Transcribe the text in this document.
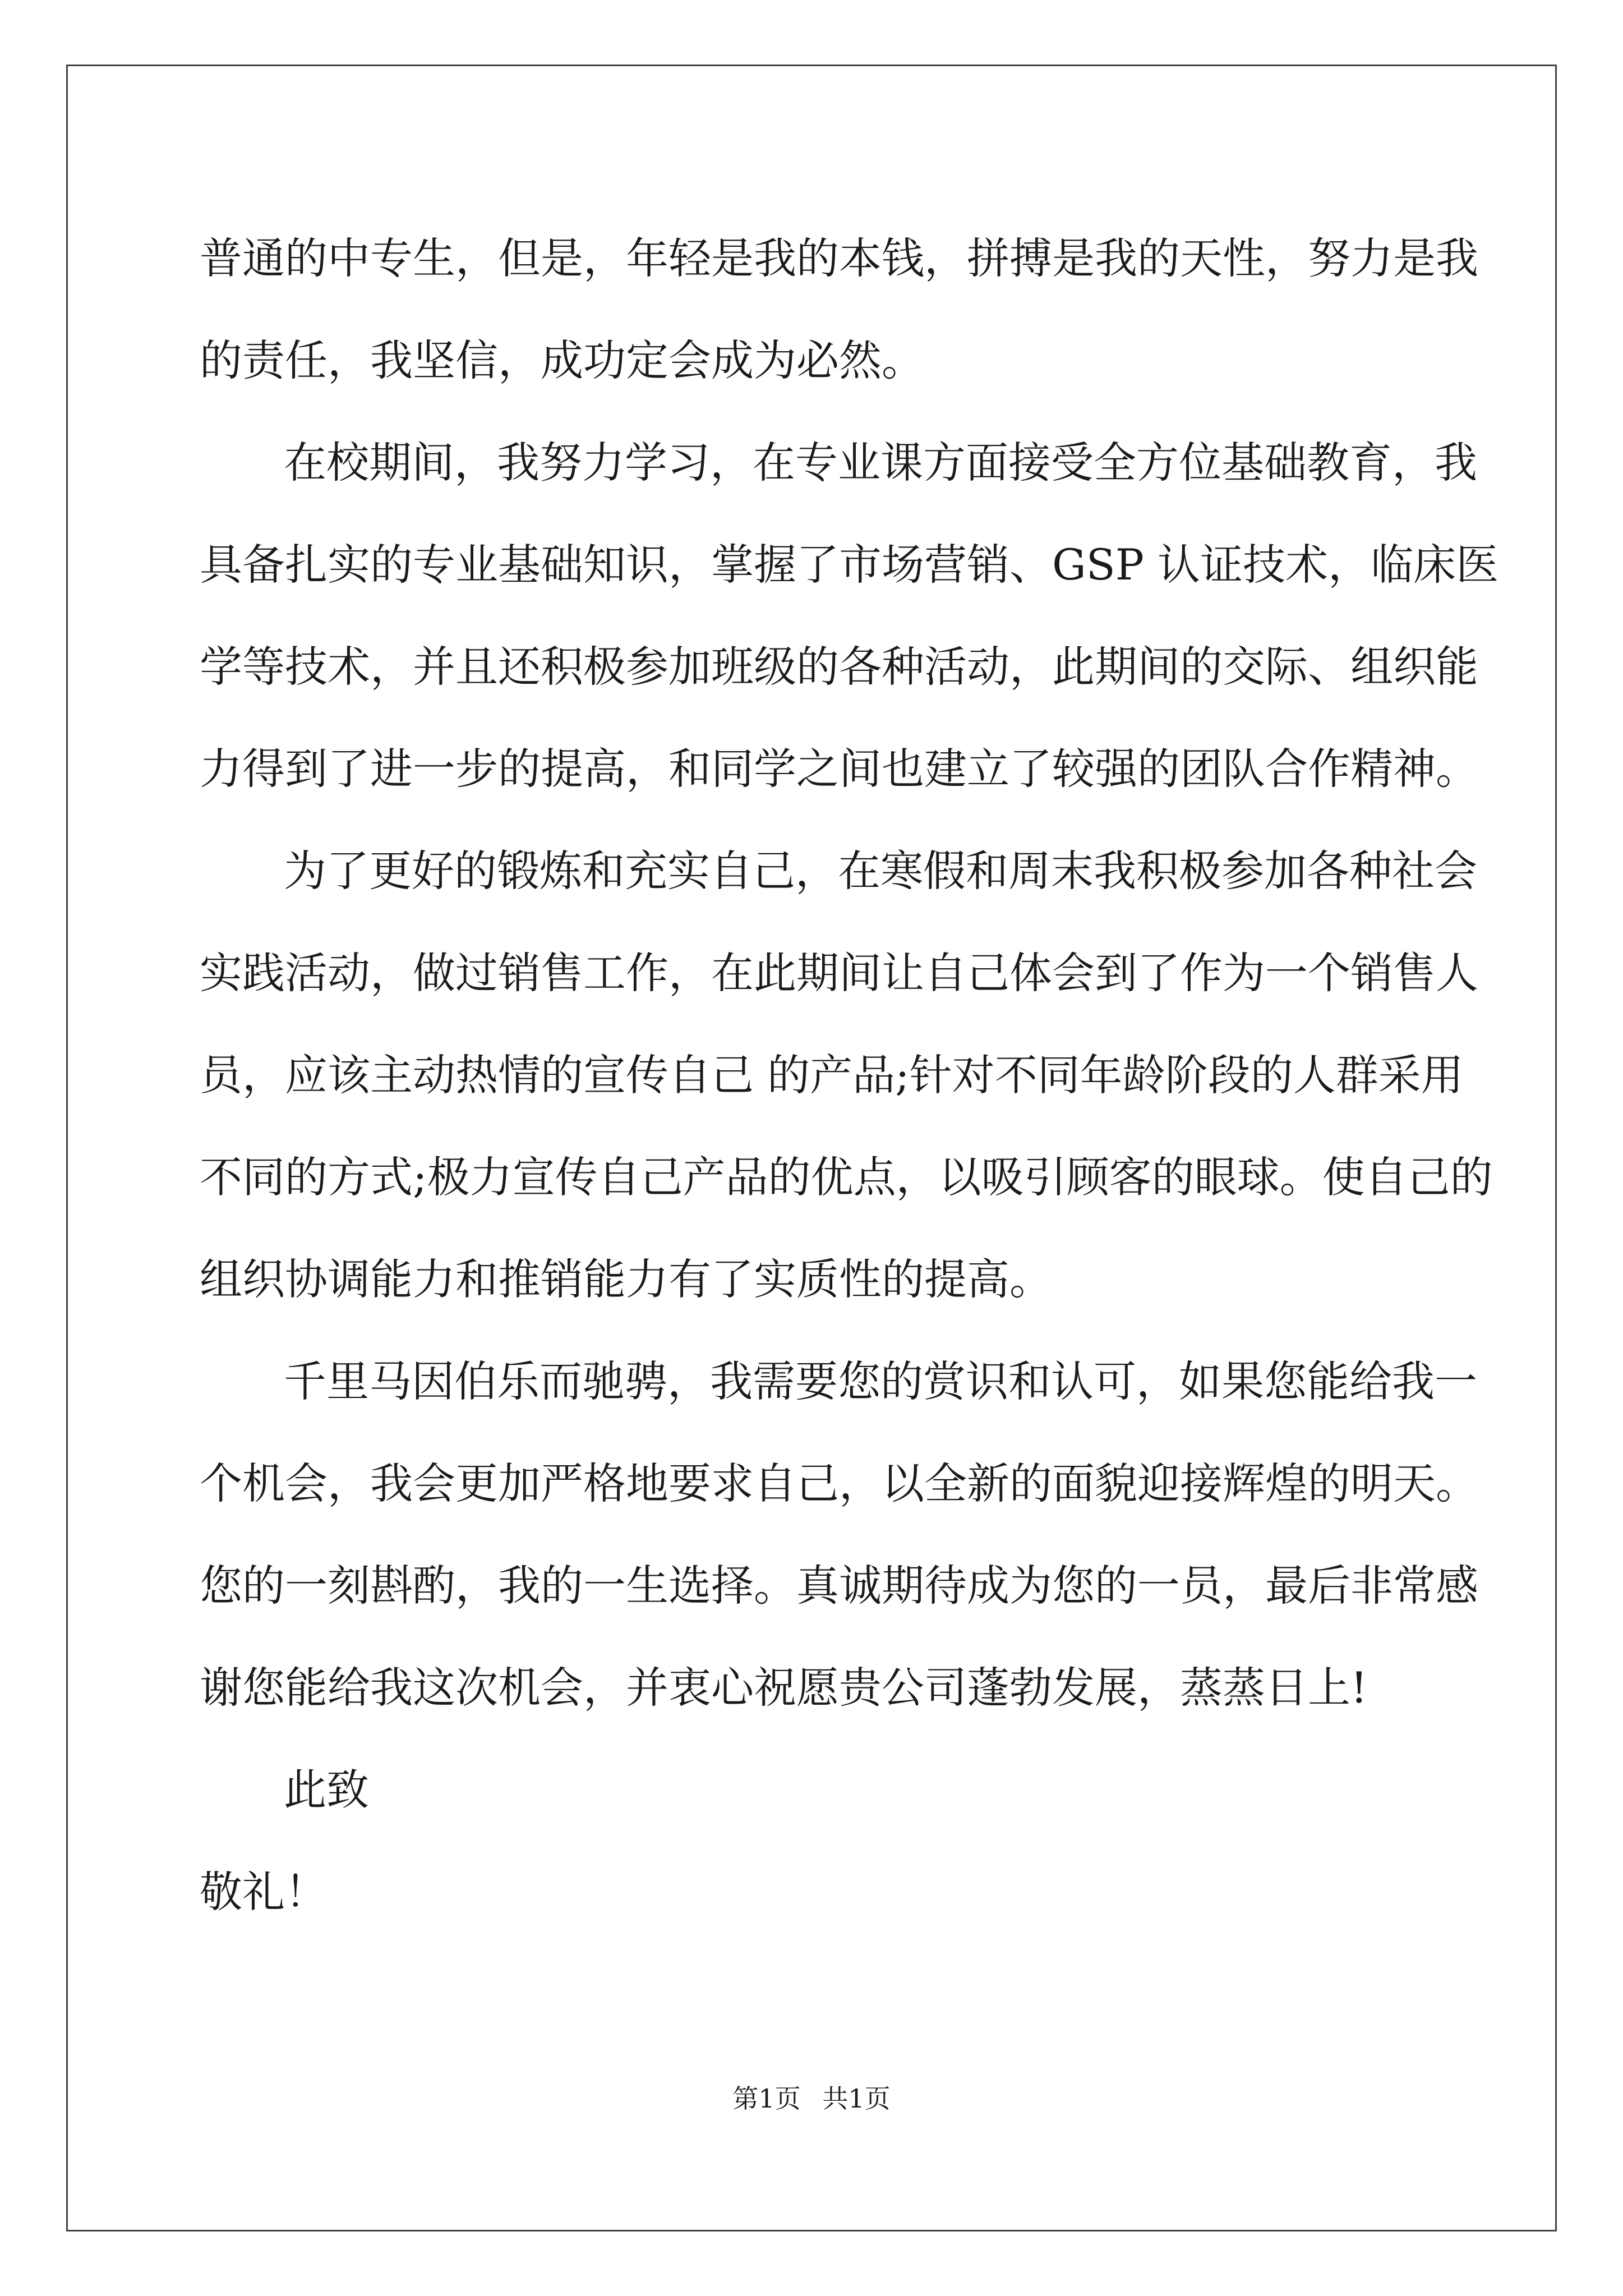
普 通 的 中 专 生 ， 但 是 ， 年 轻 是 我 的 本 钱 ， 拼 搏 是 我 的 天 性 ， 努 力 是 我
的责任，我坚信，成功定会成为必然。
在 校 期 间 ， 我 努 力 学 习 ， 在 专 业 课 方 面 接 受 全 方 位 基 础 教 育 ， 我
具 备 扎 实 的 专 业 基 础 知 识 ， 掌 握 了 市 场 营 销 、 G S P
认 证 技 术 ， 临 床 医
学 等 技 术 ， 并 且 还 积 极 参 加 班 级 的 各 种 活 动 ， 此 期 间 的 交 际 、 组 织 能
力 得 到 了 进 一 步 的 提 高 ， 和 同 学 之 间 也 建 立 了 较 强 的 团 队 合 作 精 神 。
为 了 更 好 的 锻 炼 和 充 实 自 己 ， 在 寒 假 和 周 末 我 积 极 参 加 各 种 社 会
实 践 活 动 ， 做 过 销 售 工 作 ， 在 此 期 间 让 自 己 体 会 到 了 作 为 一 个 销 售 人
员 ， 应 该 主 动 热 情 的 宣 传 自 己
的 产 品 ; 针 对 不 同 年 龄 阶 段 的 人 群 采 用
不 同 的 方 式 ; 极 力 宣 传 自 己 产 品 的 优 点 ， 以 吸 引 顾 客 的 眼 球 。 使 自 己 的
组织协调能力和推销能力有了实质性的提高。
千 里 马 因 伯 乐 而 驰 骋 ， 我 需 要 您 的 赏 识 和 认 可 ， 如 果 您 能 给 我 一
个 机 会 ， 我 会 更 加 严 格 地 要 求 自 己 ， 以 全 新 的 面 貌 迎 接 辉 煌 的 明 天 。
您 的 一 刻 斟 酌 ， 我 的 一 生 选 择 。 真 诚 期 待 成 为 您 的 一 员 ， 最 后 非 常 感
谢您能给我这次机会，并衷心祝愿贵公司蓬勃发展，蒸蒸日上!
此致
敬礼！
第1页 共1页
